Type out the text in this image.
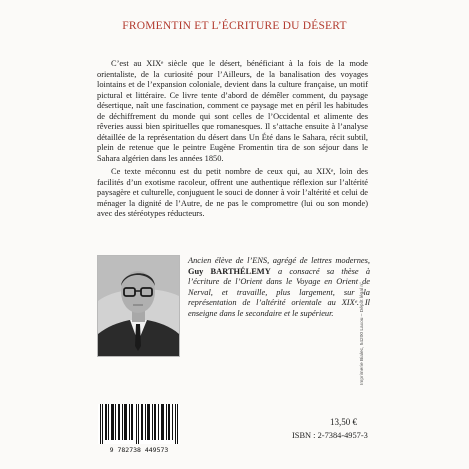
FROMENTIN ET L’ÉCRITURE DU DÉSERT

C’est au XIXᵉ siècle que le désert, bénéficiant à la fois de la mode orientaliste, de la curiosité pour l’Ailleurs, de la banalisation des voyages lointains et de l’expansion coloniale, devient dans la culture française, un motif pictural et littéraire. Ce livre tente d’abord de démêler comment, du paysage désertique, naît une fascination, comment ce paysage met en péril les habitudes de déchiffrement du monde qui sont celles de l’Occidental et alimente des rêveries aussi bien spirituelles que romanesques. Il s’attache ensuite à l’analyse détaillée de la représentation du désert dans Un Été dans le Sahara, récit subtil, plein de retenue que le peintre Eugène Fromentin tira de son séjour dans le Sahara algérien dans les années 1850.

Ancien élève de l’ENS, agrégé de lettres modernes, Guy BARTHÉLEMY a consacré sa thèse à l’écriture de l’Orient dans le Voyage en Orient de Nerval, et travaille, plus largement, sur la représentation de l’altérité orientale au XIXᵉ. Il enseigne dans le secondaire et le supérieur.

Ce texte méconnu est du petit nombre de ceux qui, au XIXᵉ, loin des facilités d’un exotisme racoleur, offrent une authentique réflexion sur l’altérité paysagère et culturelle, conjuguent le souci de donner à voir l’altérité et celui de ménager la dignité de l’Autre, de ne pas le compromettre (lui ou son monde) avec des stéréotypes réducteurs.

9 782738 449573
13,50 €
ISBN : 2-7384-4957-3
Imprimerie Bialec, 54200 Laxou – Dépôt légal n°
